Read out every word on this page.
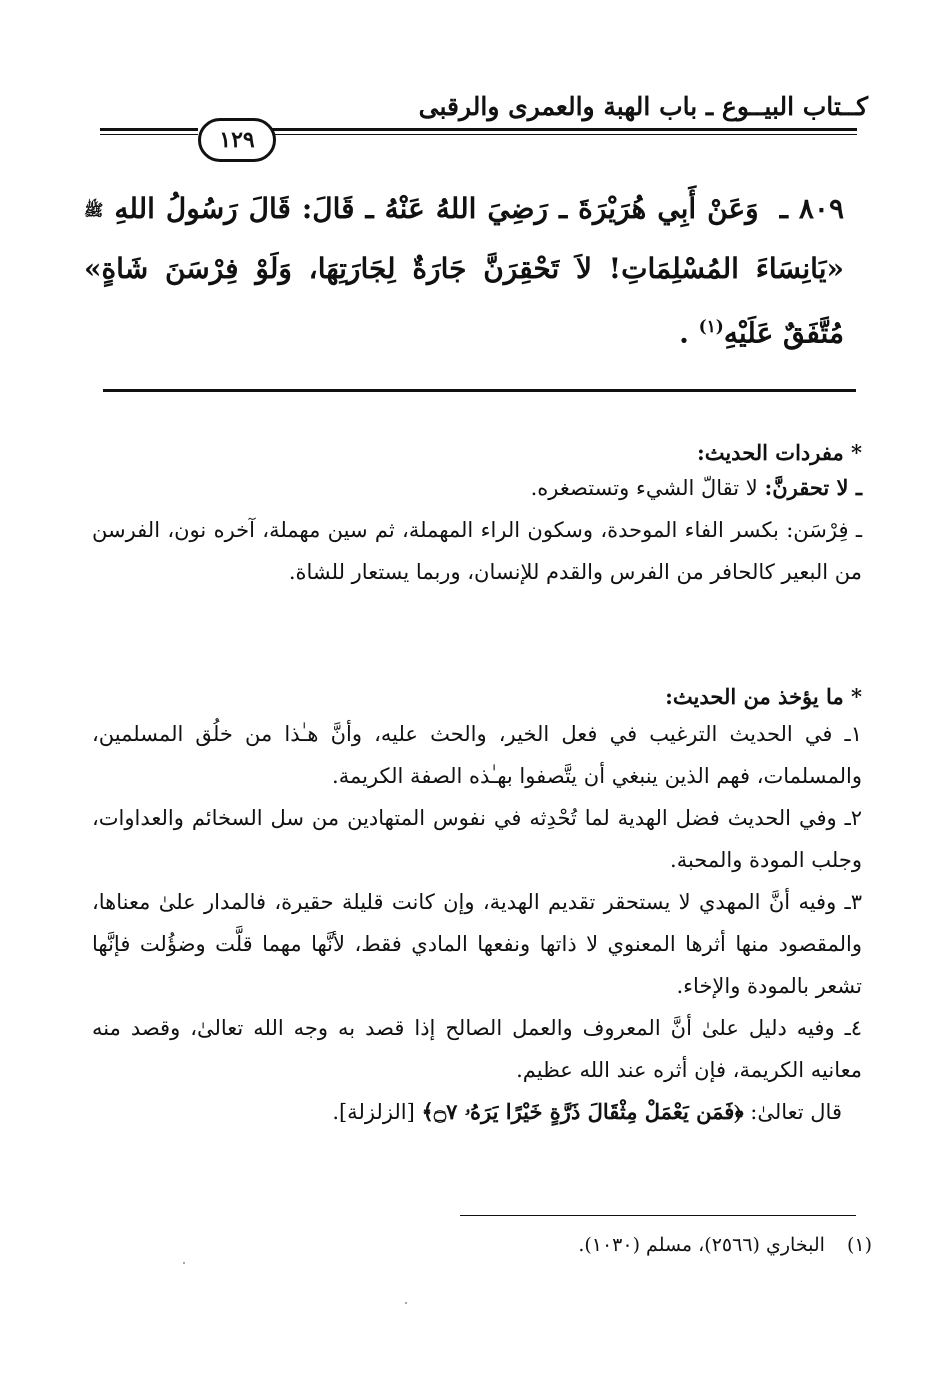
كــتاب البيــوع ـ باب الهبة والعمرى والرقبى
١٢٩
٨٠٩ ـ وَعَنْ أَبِي هُرَيْرَةَ ـ رَضِيَ اللهُ عَنْهُ ـ قَالَ: قَالَ رَسُولُ اللهِ ﷺ «يَانِسَاءَ المُسْلِمَاتِ! لاَ تَحْقِرَنَّ جَارَةٌ لِجَارَتِهَا، وَلَوْ فِرْسَنَ شَاةٍ» مُتَّفَقٌ عَلَيْهِ$^{(١)}$ .
* مفردات الحديث:
ـ لا تحقرنَّ: لا تقالّ الشيء وتستصغره.
ـ فِرْسَن: بكسر الفاء الموحدة، وسكون الراء المهملة، ثم سين مهملة، آخره نون، الفرسن من البعير كالحافر من الفرس والقدم للإنسان، وربما يستعار للشاة.
* ما يؤخذ من الحديث:
١ـ في الحديث الترغيب في فعل الخير، والحث عليه، وأنَّ هـٰذا من خلُق المسلمين، والمسلمات، فهم الذين ينبغي أن يتَّصفوا بهـٰذه الصفة الكريمة.
٢ـ وفي الحديث فضل الهدية لما تُحْدِثه في نفوس المتهادين من سل السخائم والعداوات، وجلب المودة والمحبة.
٣ـ وفيه أنَّ المهدي لا يستحقر تقديم الهدية، وإن كانت قليلة حقيرة، فالمدار علىٰ معناها، والمقصود منها أثرها المعنوي لا ذاتها ونفعها المادي فقط، لأنَّها مهما قلَّت وضؤُلت فإنَّها تشعر بالمودة والإخاء.
٤ـ وفيه دليل علىٰ أنَّ المعروف والعمل الصالح إذا قصد به وجه الله تعالىٰ، وقصد منه معانيه الكريمة، فإن أثره عند الله عظيم.
قال تعالىٰ: ﴿فَمَن يَعْمَلْ مِثْقَالَ ذَرَّةٍ خَيْرًا يَرَهُۥ ۝٧﴾ [الزلزلة].
(١) البخاري (٢٥٦٦)، مسلم (١٠٣٠).
